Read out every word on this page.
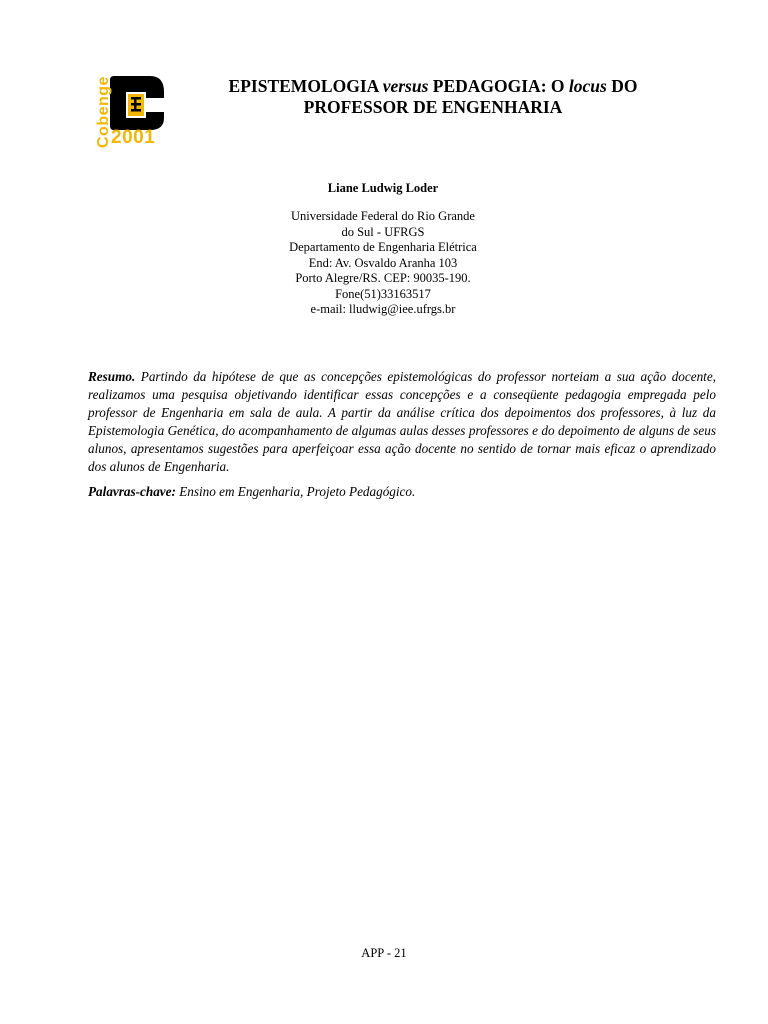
Cobenge 2001
EPISTEMOLOGIA versus PEDAGOGIA: O locus DO
PROFESSOR DE ENGENHARIA

Liane Ludwig Loder

Universidade Federal do Rio Grande
do Sul - UFRGS
Departamento de Engenharia Elétrica
End: Av. Osvaldo Aranha 103
Porto Alegre/RS. CEP: 90035-190.
Fone(51)33163517
e-mail: lludwig@iee.ufrgs.br

Resumo. Partindo da hipótese de que as concepções epistemológicas do professor norteiam a sua ação docente, realizamos uma pesquisa objetivando identificar essas concepções e a conseqüente pedagogia empregada pelo professor de Engenharia em sala de aula. A partir da análise crítica dos depoimentos dos professores, à luz da Epistemologia Genética, do acompanhamento de algumas aulas desses professores e do depoimento de alguns de seus alunos, apresentamos sugestões para aperfeiçoar essa ação docente no sentido de tornar mais eficaz o aprendizado dos alunos de Engenharia.

Palavras-chave: Ensino em Engenharia, Projeto Pedagógico.

APP - 21
